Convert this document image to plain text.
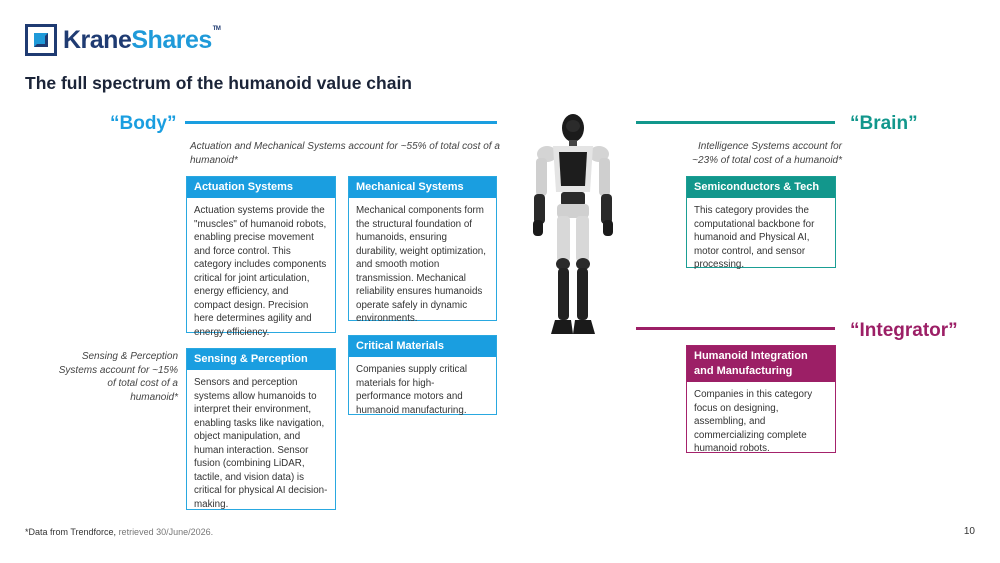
KraneShares™
The full spectrum of the humanoid value chain
“Body”	“Brain”
“Integrator”
Actuation and Mechanical Systems account for ~55% of total cost of a humanoid*
Intelligence Systems account for ~23% of total cost of a humanoid*
Sensing & Perception Systems account for ~15% of total cost of a humanoid*
Actuation Systems
Actuation systems provide the "muscles" of humanoid robots, enabling precise movement and force control. This category includes components critical for joint articulation, energy efficiency, and compact design. Precision here determines agility and energy efficiency.
Mechanical Systems
Mechanical components form the structural foundation of humanoids, ensuring durability, weight optimization, and smooth motion transmission. Mechanical reliability ensures humanoids operate safely in dynamic environments.
Semiconductors & Tech
This category provides the computational backbone for humanoid and Physical AI, motor control, and sensor processing.
Critical Materials
Companies supply critical materials for high-performance motors and humanoid manufacturing.
Sensing & Perception
Sensors and perception systems allow humanoids to interpret their environment, enabling tasks like navigation, object manipulation, and human interaction. Sensor fusion (combining LiDAR, tactile, and vision data) is critical for physical AI decision-making.
Humanoid Integration and Manufacturing
Companies in this category focus on designing, assembling, and commercializing complete humanoid robots.
*Data from Trendforce, retrieved 30/June/2026.	10
